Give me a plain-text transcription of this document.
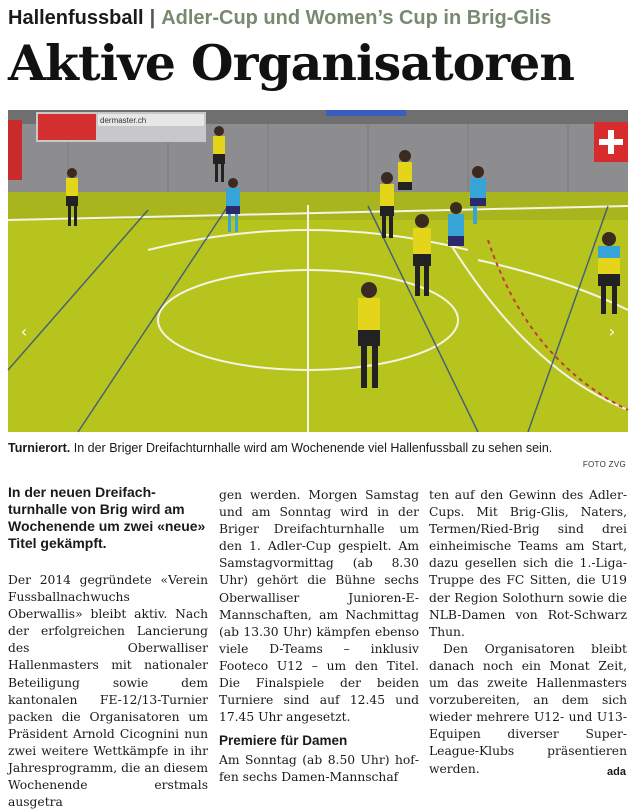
Hallenfussball | Adler-Cup und Women’s Cup in Brig-Glis
Aktive Organisatoren
dermaster.ch
‹	›
Turnierort. In der Briger Dreifachturnhalle wird am Wochenende viel Hallenfussball zu sehen sein.
FOTO ZVG

In der neuen Dreifachturnhalle von Brig wird am Wochenende um zwei «neue» Titel gekämpft.

Der 2014 gegründete «Verein Fussballnachwuchs Oberwallis» bleibt aktiv. Nach der erfolgreichen Lancierung des Oberwalliser Hallenmasters mit nationaler Beteiligung sowie dem kantonalen FE-12/13-Turnier packen die Organisatoren um Präsident Arnold Cicognini nun zwei weitere Wettkämpfe in ihr Jahresprogramm, die an diesem Wochenende erstmals ausgetra

gen werden. Morgen Samstag und am Sonntag wird in der Briger Dreifachturnhalle um den 1. Adler-Cup gespielt. Am Samstagvormittag (ab 8.30 Uhr) gehört die Bühne sechs Oberwalliser Junioren-E-Mannschaften, am Nachmittag (ab 13.30 Uhr) kämpfen ebenso viele D-Teams – inklusiv Footeco U12 – um den Titel. Die Finalspiele der beiden Turniere sind auf 12.45 und 17.45 Uhr angesetzt.

Premiere für Damen

Am Sonntag (ab 8.50 Uhr) hoffen sechs Damen-Mannschaf

ten auf den Gewinn des Adler-Cups. Mit Brig-Glis, Naters, Termen/Ried-Brig sind drei einheimische Teams am Start, dazu gesellen sich die 1.-Liga-Truppe des FC Sitten, die U19 der Region Solothurn sowie die NLB-Damen von Rot-Schwarz Thun.

Den Organisatoren bleibt danach noch ein Monat Zeit, um das zweite Hallenmasters vorzubereiten, an dem sich wieder mehrere U12- und U13-Equipen diverser Super-League-Klubs präsentieren werden.	ada
